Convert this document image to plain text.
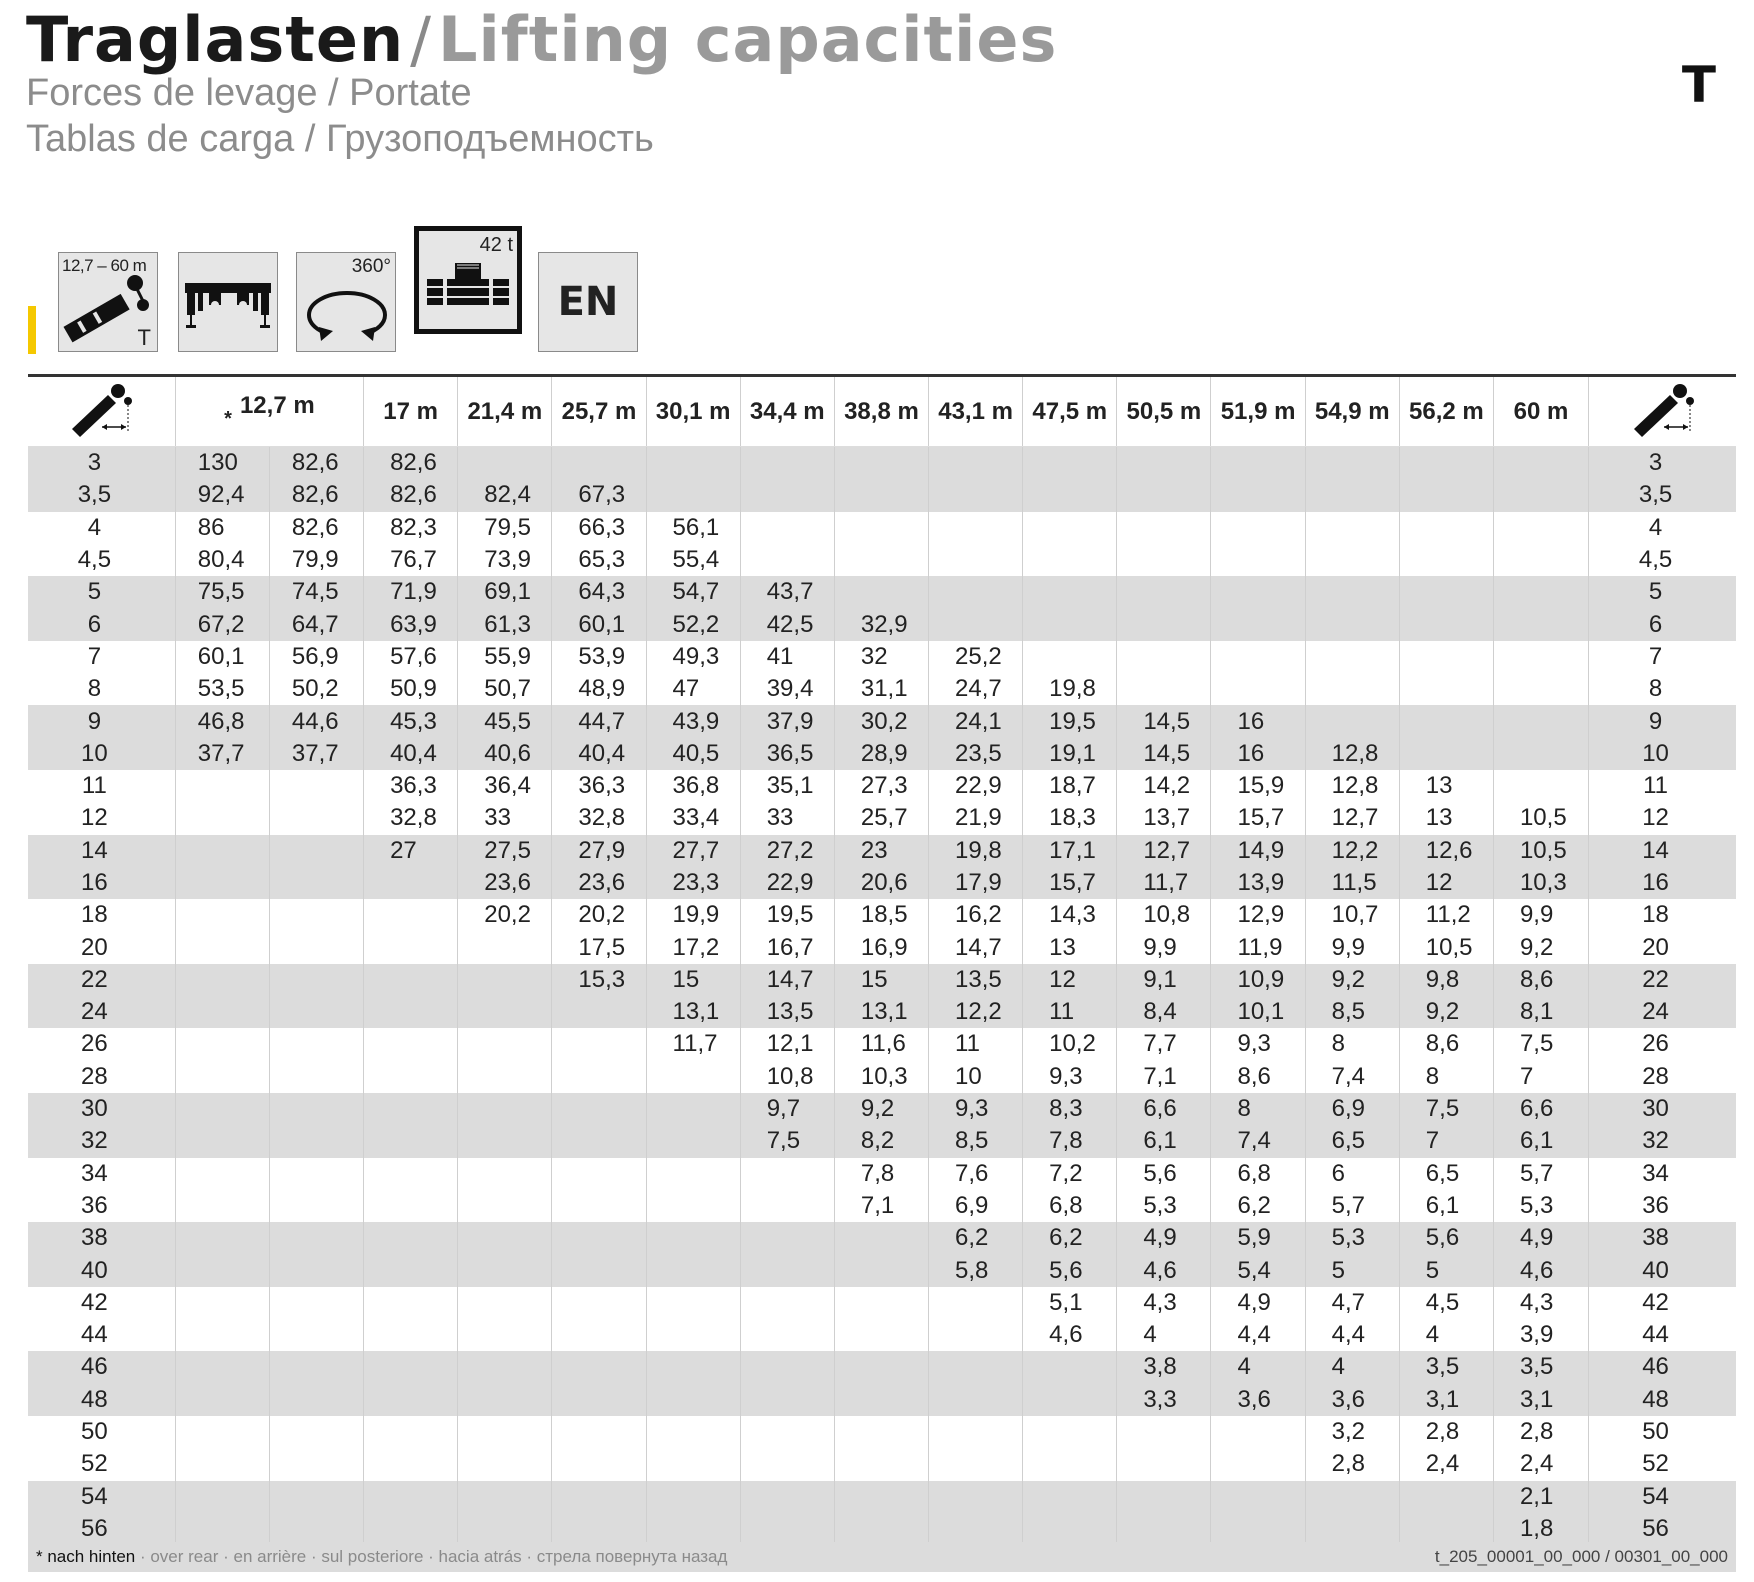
Traglasten/Lifting capacities
Forces de levage / Portate
Tablas de carga / Грузоподъемность
T
12,7 – 60 m
T
360°
42 t
EN
	$_*$ 12,7 m		17 m	21,4 m	25,7 m	30,1 m	34,4 m	38,8 m	43,1 m	47,5 m	50,5 m	51,9 m	54,9 m	56,2 m	60 m	
3	130	82,6	82,6													3
3,5	92,4	82,6	82,6	82,4	67,3											3,5
4	86	82,6	82,3	79,5	66,3	56,1										4
4,5	80,4	79,9	76,7	73,9	65,3	55,4										4,5
5	75,5	74,5	71,9	69,1	64,3	54,7	43,7									5
6	67,2	64,7	63,9	61,3	60,1	52,2	42,5	32,9								6
7	60,1	56,9	57,6	55,9	53,9	49,3	41	32	25,2							7
8	53,5	50,2	50,9	50,7	48,9	47	39,4	31,1	24,7	19,8						8
9	46,8	44,6	45,3	45,5	44,7	43,9	37,9	30,2	24,1	19,5	14,5	16				9
10	37,7	37,7	40,4	40,6	40,4	40,5	36,5	28,9	23,5	19,1	14,5	16	12,8			10
11			36,3	36,4	36,3	36,8	35,1	27,3	22,9	18,7	14,2	15,9	12,8	13		11
12			32,8	33	32,8	33,4	33	25,7	21,9	18,3	13,7	15,7	12,7	13	10,5	12
14			27	27,5	27,9	27,7	27,2	23	19,8	17,1	12,7	14,9	12,2	12,6	10,5	14
16				23,6	23,6	23,3	22,9	20,6	17,9	15,7	11,7	13,9	11,5	12	10,3	16
18				20,2	20,2	19,9	19,5	18,5	16,2	14,3	10,8	12,9	10,7	11,2	9,9	18
20					17,5	17,2	16,7	16,9	14,7	13	9,9	11,9	9,9	10,5	9,2	20
22					15,3	15	14,7	15	13,5	12	9,1	10,9	9,2	9,8	8,6	22
24						13,1	13,5	13,1	12,2	11	8,4	10,1	8,5	9,2	8,1	24
26						11,7	12,1	11,6	11	10,2	7,7	9,3	8	8,6	7,5	26
28							10,8	10,3	10	9,3	7,1	8,6	7,4	8	7	28
30							9,7	9,2	9,3	8,3	6,6	8	6,9	7,5	6,6	30
32							7,5	8,2	8,5	7,8	6,1	7,4	6,5	7	6,1	32
34								7,8	7,6	7,2	5,6	6,8	6	6,5	5,7	34
36								7,1	6,9	6,8	5,3	6,2	5,7	6,1	5,3	36
38									6,2	6,2	4,9	5,9	5,3	5,6	4,9	38
40									5,8	5,6	4,6	5,4	5	5	4,6	40
42										5,1	4,3	4,9	4,7	4,5	4,3	42
44										4,6	4	4,4	4,4	4	3,9	44
46											3,8	4	4	3,5	3,5	46
48											3,3	3,6	3,6	3,1	3,1	48
50													3,2	2,8	2,8	50
52													2,8	2,4	2,4	52
54															2,1	54
56															1,8	56
* nach hinten · over rear · en arrière · sul posteriore · hacia atrás · стрела повернута назад	t_205_00001_00_000 / 00301_00_000
